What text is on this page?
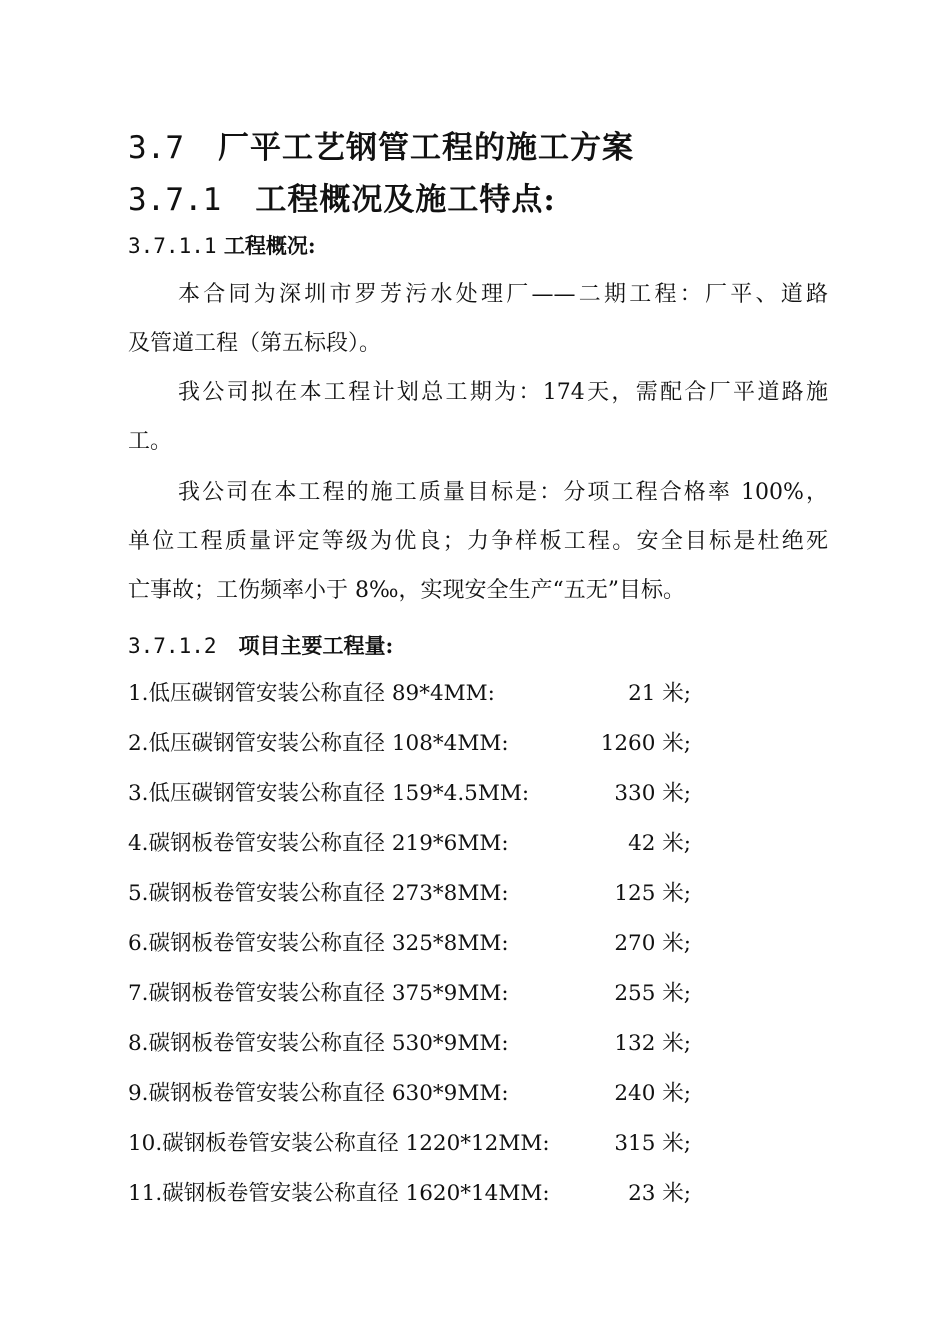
3.7 厂平工艺钢管工程的施工方案
3.7.1 工程概况及施工特点:
3.7.1.1 工程概况:

本合同为深圳市罗芳污水处理厂——二期工程：厂平、道路

及管道工程（第五标段）。

我公司拟在本工程计划总工期为：174天，需配合厂平道路施

工。

我公司在本工程的施工质量目标是：分项工程合格率 100%，

单位工程质量评定等级为优良；力争样板工程。安全目标是杜绝死

亡事故；工伤频率小于 8‰，实现安全生产“五无”目标。

3.7.1.2 项目主要工程量:
1.低压碳钢管安装公称直径 89*4MM:	21 米;
2.低压碳钢管安装公称直径 108*4MM:	1260 米;
3.低压碳钢管安装公称直径 159*4.5MM:	330 米;
4.碳钢板卷管安装公称直径 219*6MM:	42 米;
5.碳钢板卷管安装公称直径 273*8MM:	125 米;
6.碳钢板卷管安装公称直径 325*8MM:	270 米;
7.碳钢板卷管安装公称直径 375*9MM:	255 米;
8.碳钢板卷管安装公称直径 530*9MM:	132 米;
9.碳钢板卷管安装公称直径 630*9MM:	240 米;
10.碳钢板卷管安装公称直径 1220*12MM:	315 米;
11.碳钢板卷管安装公称直径 1620*14MM:	23 米;
